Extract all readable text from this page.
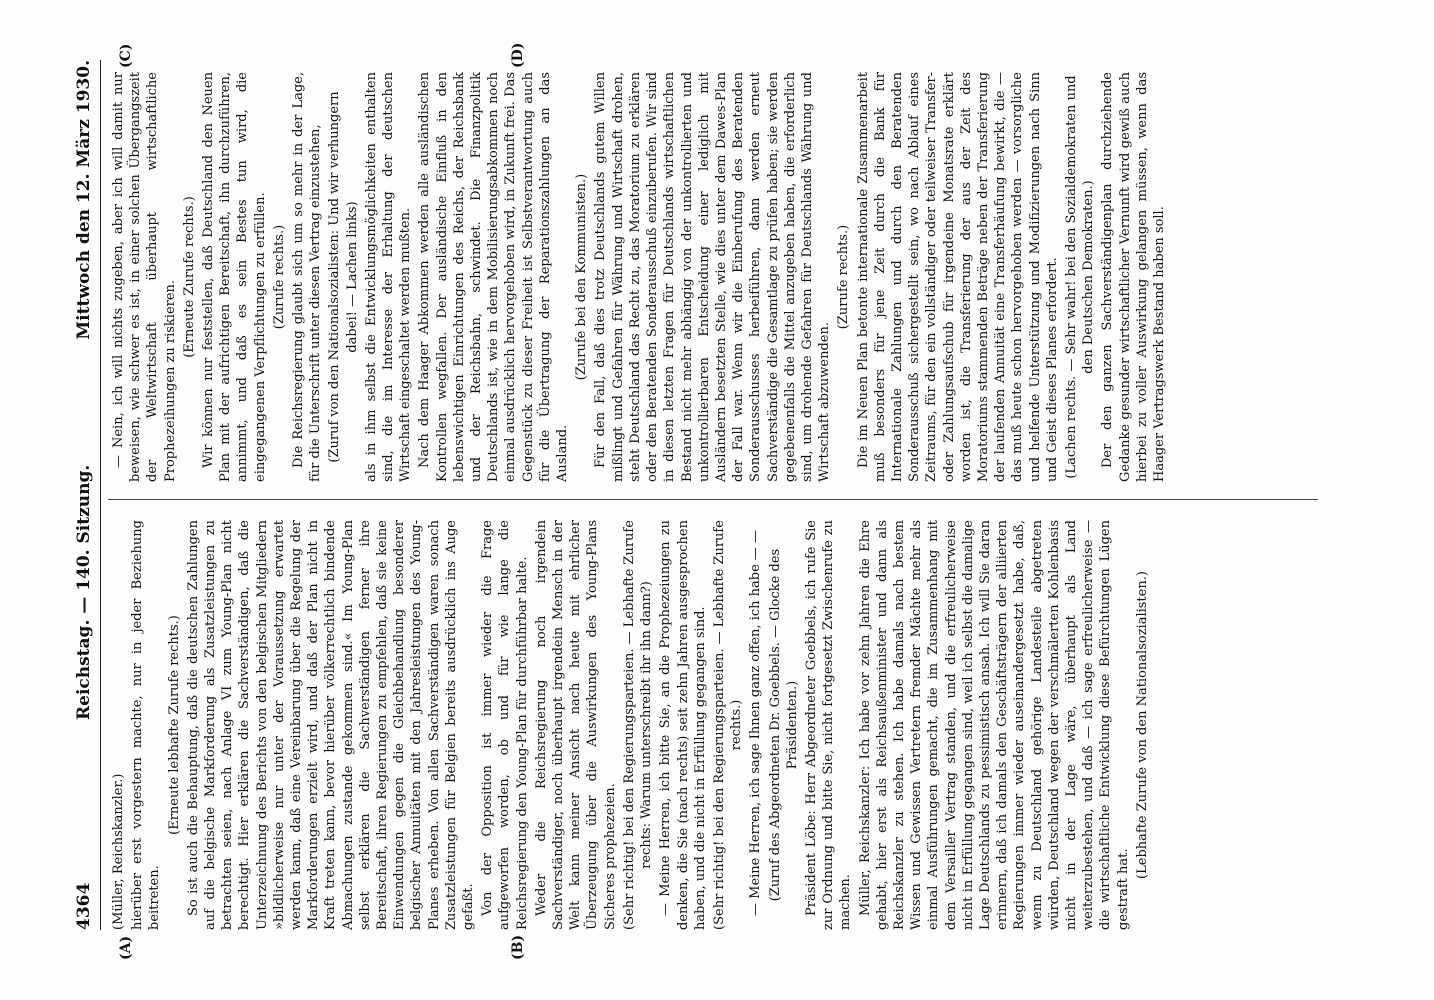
4364
Reichstag. — 140. Sitzung.
Mittwoch den 12. März 1930.
(A)	(B)
(C)	(D)

(Müller, Reichskanzler.) hierüber erst vorgestern machte, nur in jeder Beziehung beitreten.

(Erneute lebhafte Zurufe rechts.) So ist auch die Behauptung, daß die deutschen Zahlungen auf die belgische Markforderung als Zusatzleistungen zu betrachten seien, nach Anlage VI zum Young-Plan nicht berechtigt. Hier erklären die Sachverständigen, daß die Unterzeichnung des Berichts von den belgischen Mitgliedern »bildlicherweise nur unter der Voraussetzung erwartet werden kann, daß eine Vereinbarung über die Regelung der Markforderungen erzielt wird, und daß der Plan nicht in Kraft treten kann, bevor hierüber völkerrechtlich bindende Abmachungen zustande gekommen sind.« Im Young-Plan selbst erklären die Sachverständigen ferner ihre Bereitschaft, ihren Regierungen zu empfehlen, daß sie keine Einwendungen gegen die Gleichbehandlung besonderer belgischer Annuitäten mit den Jahresleistungen des Young-Planes erheben. Von allen Sachverständigen waren sonach Zusatzleistungen für Belgien bereits ausdrücklich ins Auge gefaßt. Von der Opposition ist immer wieder die Frage aufgeworfen worden, ob und für wie lange die Reichsregierung den Young-Plan für durchführbar halte. Weder die Reichsregierung noch irgendein Sachverständiger, noch überhaupt irgendein Mensch in der Welt kann meiner Ansicht nach heute mit ehrlicher Überzeugung über die Auswirkungen des Young-Plans Sicheres prophezeien. (Sehr richtig! bei den Regierungsparteien. — Lebhafte Zurufe rechts: Warum unterschreibt ihr ihn dann?) — Meine Herren, ich bitte Sie, an die Prophezeiungen zu denken, die Sie (nach rechts) seit zehn Jahren ausgesprochen haben, und die nicht in Erfüllung gegangen sind. (Sehr richtig! bei den Regierungsparteien. — Lebhafte Zurufe rechts.) — Meine Herren, ich sage Ihnen ganz offen, ich habe — — (Zuruf des Abgeordneten Dr. Goebbels. — Glocke des Präsidenten.) Präsident Löbe: Herr Abgeordneter Goebbels, ich rufe Sie zur Ordnung und bitte Sie, nicht fortgesetzt Zwischenrufe zu machen. Müller, Reichskanzler: Ich habe vor zehn Jahren die Ehre gehabt, hier erst als Reichsaußenminister und dann als Reichskanzler zu stehen. Ich habe damals nach bestem Wissen und Gewissen Vertretern fremder Mächte mehr als einmal Ausführungen gemacht, die im Zusammenhang mit dem Versailler Vertrag standen, und die erfreulicherweise nicht in Erfüllung gegangen sind, weil ich selbst die damalige Lage Deutschlands zu pessimistisch ansah. Ich will Sie daran erinnern, daß ich damals den Geschäftsträgern der alliierten Regierungen immer wieder auseinandergesetzt habe, daß, wenn zu Deutschland gehörige Landesteile abgetreten würden, Deutschland wegen der verschmälerten Kohlenbasis nicht in der Lage wäre, überhaupt als Land weiterzubestehen, und daß — ich sage erfreulicherweise — die wirtschaftliche Entwicklung diese Befürchtungen Lügen gestraft hat.

(Lebhafte Zurufe von den Nationalsozialisten.)

— Nein, ich will nichts zugeben, aber ich will damit nur beweisen, wie schwer es ist, in einer solchen Übergangszeit der Weltwirtschaft überhaupt wirtschaftliche Prophezeihungen zu riskieren.

(Erneute Zurufe rechts.) Wir können nur feststellen, daß Deutschland den Neuen Plan mit der aufrichtigen Bereitschaft, ihn durchzuführen, annimmt, und daß es sein Bestes tun wird, die eingegangenen Verpflichtungen zu erfüllen. (Zurufe rechts.) Die Reichsregierung glaubt sich um so mehr in der Lage, für die Unterschrift unter diesen Vertrag einzustehen, (Zuruf von den Nationalsozialisten: Und wir verhungern dabei! — Lachen links) als in ihm selbst die Entwicklungsmöglichkeiten enthalten sind, die im Interesse der Erhaltung der deutschen Wirtschaft eingeschaltet werden mußten. Nach dem Haager Abkommen werden alle ausländischen Kontrollen wegfallen. Der ausländische Einfluß in den lebenswichtigen Einrichtungen des Reichs, der Reichsbank und der Reichsbahn, schwindet. Die Finanzpolitik Deutschlands ist, wie in dem Mobilisierungsabkommen noch einmal ausdrücklich hervorgehoben wird, in Zukunft frei. Das Gegenstück zu dieser Freiheit ist Selbstverantwortung auch für die Übertragung der Reparationszahlungen an das Ausland.

(Zurufe bei den Kommunisten.) Für den Fall, daß dies trotz Deutschlands gutem Willen mißlingt und Gefahren für Währung und Wirtschaft drohen, steht Deutschland das Recht zu, das Moratorium zu erklären oder den Beratenden Sonderausschuß einzuberufen. Wir sind in diesen letzten Fragen für Deutschlands wirtschaftlichen Bestand nicht mehr abhängig von der unkontrollierten und unkontrollierbaren Entscheidung einer lediglich mit Ausländern besetzten Stelle, wie dies unter dem Dawes-Plan der Fall war. Wenn wir die Einberufung des Beratenden Sonderausschusses herbeiführen, dann werden erneut Sachverständige die Gesamtlage zu prüfen haben; sie werden gegebenenfalls die Mittel anzugeben haben, die erforderlich sind, um drohende Gefahren für Deutschlands Währung und Wirtschaft abzuwenden.

(Zurufe rechts.) Die im Neuen Plan betonte internationale Zusammenarbeit muß besonders für jene Zeit durch die Bank für Internationale Zahlungen und durch den Beratenden Sonderausschuß sichergestellt sein, wo nach Ablauf eines Zeitraums, für den ein vollständiger oder teilweiser Transfer- oder Zahlungsaufschub für irgendeine Monatsrate erklärt worden ist, die Transferierung der aus der Zeit des Moratoriums stammenden Beträge neben der Transferierung der laufenden Annuität eine Transferhäufung bewirkt, die — das muß heute schon hervorgehoben werden — vorsorgliche und helfende Unterstützung und Modifizierungen nach Sinn und Geist dieses Planes erfordert. (Lachen rechts. — Sehr wahr! bei den Sozialdemokraten und den Deutschen Demokraten.) Der den ganzen Sachverständigenplan durchziehende Gedanke gesunder wirtschaftlicher Vernunft wird gewiß auch hierbei zu voller Auswirkung gelangen müssen, wenn das Haager Vertragswerk Bestand haben soll.
